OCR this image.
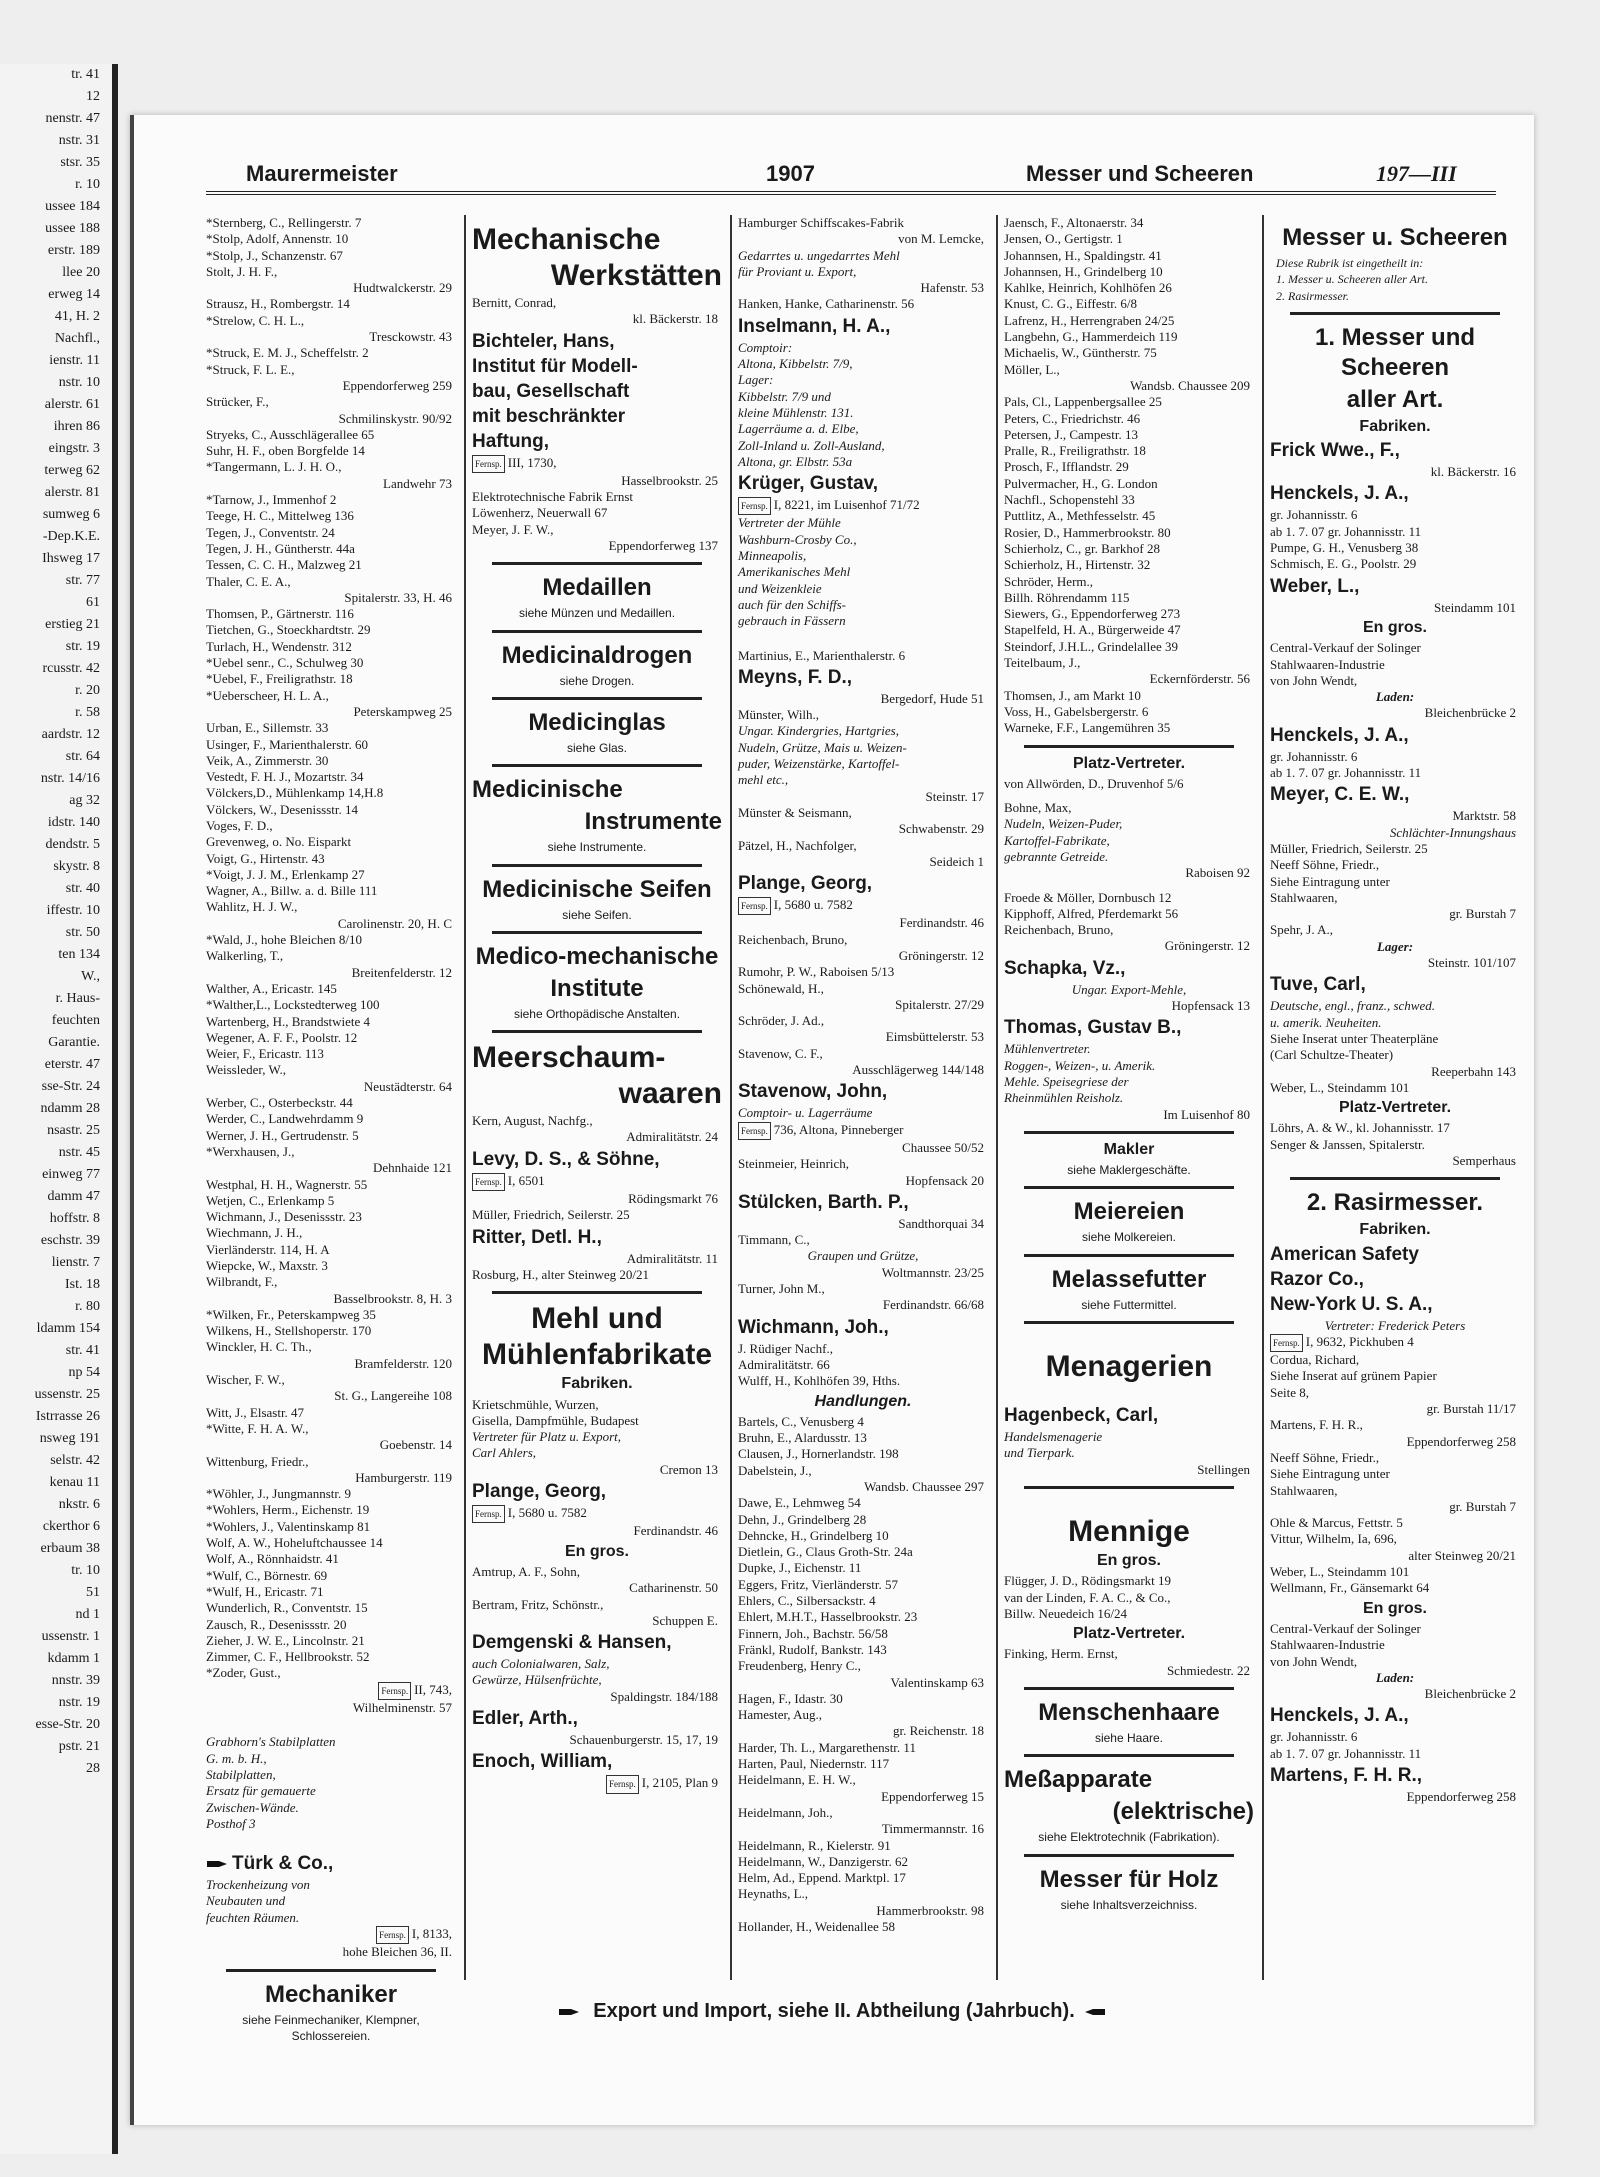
tr. 41
12
nenstr. 47
nstr. 31
stsr. 35
r. 10
ussee 184
ussee 188
erstr. 189
llee 20
erweg 14
41, H. 2
Nachfl.,
ienstr. 11
nstr. 10
alerstr. 61
ihren 86
eingstr. 3
terweg 62
alerstr. 81
sumweg 6
-Dep.K.E.
Ihsweg 17
str. 77
61
erstieg 21
str. 19
rcusstr. 42
r. 20
r. 58
aardstr. 12
str. 64
nstr. 14/16
ag 32
idstr. 140
dendstr. 5
skystr. 8
str. 40
iffestr. 10
str. 50
ten 134
W.,
r. Haus-
feuchten
Garantie.
eterstr. 47
sse-Str. 24
ndamm 28
nsastr. 25
nstr. 45
einweg 77
damm 47
hoffstr. 8
eschstr. 39
lienstr. 7
Ist. 18
r. 80
ldamm 154
str. 41
np 54
ussenstr. 25
Istrrasse 26
nsweg 191
selstr. 42
kenau 11
nkstr. 6
ckerthor 6
erbaum 38
tr. 10
51
nd 1
ussenstr. 1
kdamm 1
nnstr. 39
nstr. 19
esse-Str. 20
pstr. 21
28
Maurermeister	1907	Messer und Scheeren	197—III
*Sternberg, C., Rellingerstr. 7
*Stolp, Adolf, Annenstr. 10
*Stolp, J., Schanzenstr. 67
Stolt, J. H. F.,
Hudtwalckerstr. 29
Strausz, H., Rombergstr. 14
*Strelow, C. H. L.,
Tresckowstr. 43
*Struck, E. M. J., Scheffelstr. 2
*Struck, F. L. E.,
Eppendorferweg 259
Strücker, F.,
Schmilinskystr. 90/92
Stryeks, C., Ausschlägerallee 65
Suhr, H. F., oben Borgfelde 14
*Tangermann, L. J. H. O.,
Landwehr 73
*Tarnow, J., Immenhof 2
Teege, H. C., Mittelweg 136
Tegen, J., Conventstr. 24
Tegen, J. H., Güntherstr. 44a
Tessen, C. C. H., Malzweg 21
Thaler, C. E. A.,
Spitalerstr. 33, H. 46
Thomsen, P., Gärtnerstr. 116
Tietchen, G., Stoeckhardtstr. 29
Turlach, H., Wendenstr. 312
*Uebel senr., C., Schulweg 30
*Uebel, F., Freiligrathstr. 18
*Ueberscheer, H. L. A.,
Peterskampweg 25
Urban, E., Sillemstr. 33
Usinger, F., Marienthalerstr. 60
Veik, A., Zimmerstr. 30
Vestedt, F. H. J., Mozartstr. 34
Völckers,D., Mühlenkamp 14,H.8
Völckers, W., Desenissstr. 14
Voges, F. D.,
Grevenweg, o. No. Eisparkt
Voigt, G., Hirtenstr. 43
*Voigt, J. J. M., Erlenkamp 27
Wagner, A., Billw. a. d. Bille 111
Wahlitz, H. J. W.,
Carolinenstr. 20, H. C
*Wald, J., hohe Bleichen 8/10
Walkerling, T.,
Breitenfelderstr. 12
Walther, A., Ericastr. 145
*Walther,L., Lockstedterweg 100
Wartenberg, H., Brandstwiete 4
Wegener, A. F. F., Poolstr. 12
Weier, F., Ericastr. 113
Weissleder, W.,
Neustädterstr. 64
Werber, C., Osterbeckstr. 44
Werder, C., Landwehrdamm 9
Werner, J. H., Gertrudenstr. 5
*Werxhausen, J.,
Dehnhaide 121
Westphal, H. H., Wagnerstr. 55
Wetjen, C., Erlenkamp 5
Wichmann, J., Desenissstr. 23
Wiechmann, J. H.,
Vierländerstr. 114, H. A
Wiepcke, W., Maxstr. 3
Wilbrandt, F.,
Basselbrookstr. 8, H. 3
*Wilken, Fr., Peterskampweg 35
Wilkens, H., Stellshoperstr. 170
Winckler, H. C. Th.,
Bramfelderstr. 120
Wischer, F. W.,
St. G., Langereihe 108
Witt, J., Elsastr. 47
*Witte, F. H. A. W.,
Goebenstr. 14
Wittenburg, Friedr.,
Hamburgerstr. 119
*Wöhler, J., Jungmannstr. 9
*Wohlers, Herm., Eichenstr. 19
*Wohlers, J., Valentinskamp 81
Wolf, A. W., Hoheluftchaussee 14
Wolf, A., Rönnhaidstr. 41
*Wulf, C., Börnestr. 69
*Wulf, H., Ericastr. 71
Wunderlich, R., Conventstr. 15
Zausch, R., Desenissstr. 20
Zieher, J. W. E., Lincolnstr. 21
Zimmer, C. F., Hellbrookstr. 52
*Zoder, Gust.,
Fernsp. II, 743,
Wilhelminenstr. 57
Grabhorn's Stabilplatten
G. m. b. H.,
Stabilplatten,
Ersatz für gemauerte
Zwischen-Wände.
Posthof 3
Türk & Co.,
Trockenheizung von
Neubauten und
feuchten Räumen.
Fernsp. I, 8133,
hohe Bleichen 36, II.
Mechaniker
siehe Feinmechaniker, Klempner, Schlossereien.
Mechanische
Werkstätten
Bernitt, Conrad,
kl. Bäckerstr. 18
Bichteler, Hans,
Institut für Modell-
bau, Gesellschaft
mit beschränkter
Haftung,
Fernsp. III, 1730,
Hasselbrookstr. 25
Elektrotechnische Fabrik Ernst
Löwenherz, Neuerwall 67
Meyer, J. F. W.,
Eppendorferweg 137
Medaillen
siehe Münzen und Medaillen.
Medicinaldrogen
siehe Drogen.
Medicinglas
siehe Glas.
Medicinische
Instrumente
siehe Instrumente.
Medicinische Seifen
siehe Seifen.
Medico-mechanische
Institute
siehe Orthopädische Anstalten.
Meerschaum-
waaren
Kern, August, Nachfg.,
Admiralitätstr. 24
Levy, D. S., & Söhne,
Fernsp. I, 6501
Rödingsmarkt 76
Müller, Friedrich, Seilerstr. 25
Ritter, Detl. H.,
Admiralitätstr. 11
Rosburg, H., alter Steinweg 20/21
Mehl und
Mühlenfabrikate
Fabriken.
Krietschmühle, Wurzen,
Gisella, Dampfmühle, Budapest
Vertreter für Platz u. Export,
Carl Ahlers,
Cremon 13
Plange, Georg,
Fernsp. I, 5680 u. 7582
Ferdinandstr. 46
En gros.
Amtrup, A. F., Sohn,
Catharinenstr. 50
Bertram, Fritz, Schönstr.,
Schuppen E.
Demgenski & Hansen,
auch Colonialwaren, Salz,
Gewürze, Hülsenfrüchte,
Spaldingstr. 184/188
Edler, Arth.,
Schauenburgerstr. 15, 17, 19
Enoch, William,
Fernsp. I, 2105, Plan 9
Hamburger Schiffscakes-Fabrik
von M. Lemcke,
Gedarrtes u. ungedarrtes Mehl
für Proviant u. Export,
Hafenstr. 53
Hanken, Hanke, Catharinenstr. 56
Inselmann, H. A.,
Comptoir:
Altona, Kibbelstr. 7/9,
Lager:
Kibbelstr. 7/9 und
kleine Mühlenstr. 131.
Lagerräume a. d. Elbe,
Zoll-Inland u. Zoll-Ausland,
Altona, gr. Elbstr. 53a
Krüger, Gustav,
Fernsp. I, 8221, im Luisenhof 71/72
Vertreter der Mühle
Washburn-Crosby Co.,
Minneapolis,
Amerikanisches Mehl
und Weizenkleie
auch für den Schiffs-
gebrauch in Fässern
Martinius, E., Marienthalerstr. 6
Meyns, F. D.,
Bergedorf, Hude 51
Münster, Wilh.,
Ungar. Kindergries, Hartgries,
Nudeln, Grütze, Mais u. Weizen-
puder, Weizenstärke, Kartoffel-
mehl etc.,
Steinstr. 17
Münster & Seismann,
Schwabenstr. 29
Pätzel, H., Nachfolger,
Seideich 1
Plange, Georg,
Fernsp. I, 5680 u. 7582
Ferdinandstr. 46
Reichenbach, Bruno,
Gröningerstr. 12
Rumohr, P. W., Raboisen 5/13
Schönewald, H.,
Spitalerstr. 27/29
Schröder, J. Ad.,
Eimsbüttelerstr. 53
Stavenow, C. F.,
Ausschlägerweg 144/148
Stavenow, John,
Comptoir- u. Lagerräume
Fernsp. 736, Altona, Pinneberger
Chaussee 50/52
Steinmeier, Heinrich,
Hopfensack 20
Stülcken, Barth. P.,
Sandthorquai 34
Timmann, C.,
Graupen und Grütze,
Woltmannstr. 23/25
Turner, John M.,
Ferdinandstr. 66/68
Wichmann, Joh.,
J. Rüdiger Nachf.,
Admiralitätstr. 66
Wulff, H., Kohlhöfen 39, Hths.
Handlungen.
Bartels, C., Venusberg 4
Bruhn, E., Alardusstr. 13
Clausen, J., Hornerlandstr. 198
Dabelstein, J.,
Wandsb. Chaussee 297
Dawe, E., Lehmweg 54
Dehn, J., Grindelberg 28
Dehncke, H., Grindelberg 10
Dietlein, G., Claus Groth-Str. 24a
Dupke, J., Eichenstr. 11
Eggers, Fritz, Vierländerstr. 57
Ehlers, C., Silbersackstr. 4
Ehlert, M.H.T., Hasselbrookstr. 23
Finnern, Joh., Bachstr. 56/58
Fränkl, Rudolf, Bankstr. 143
Freudenberg, Henry C.,
Valentinskamp 63
Hagen, F., Idastr. 30
Hamester, Aug.,
gr. Reichenstr. 18
Harder, Th. L., Margarethenstr. 11
Harten, Paul, Niedernstr. 117
Heidelmann, E. H. W.,
Eppendorferweg 15
Heidelmann, Joh.,
Timmermannstr. 16
Heidelmann, R., Kielerstr. 91
Heidelmann, W., Danzigerstr. 62
Helm, Ad., Eppend. Marktpl. 17
Heynaths, L.,
Hammerbrookstr. 98
Hollander, H., Weidenallee 58
Jaensch, F., Altonaerstr. 34
Jensen, O., Gertigstr. 1
Johannsen, H., Spaldingstr. 41
Johannsen, H., Grindelberg 10
Kahlke, Heinrich, Kohlhöfen 26
Knust, C. G., Eiffestr. 6/8
Lafrenz, H., Herrengraben 24/25
Langbehn, G., Hammerdeich 119
Michaelis, W., Güntherstr. 75
Möller, L.,
Wandsb. Chaussee 209
Pals, Cl., Lappenbergsallee 25
Peters, C., Friedrichstr. 46
Petersen, J., Campestr. 13
Pralle, R., Freiligrathstr. 18
Prosch, F., Ifflandstr. 29
Pulvermacher, H., G. London
Nachfl., Schopenstehl 33
Puttlitz, A., Methfesselstr. 45
Rosier, D., Hammerbrookstr. 80
Schierholz, C., gr. Barkhof 28
Schierholz, H., Hirtenstr. 32
Schröder, Herm.,
Billh. Röhrendamm 115
Siewers, G., Eppendorferweg 273
Stapelfeld, H. A., Bürgerweide 47
Steindorf, J.H.L., Grindelallee 39
Teitelbaum, J.,
Eckernförderstr. 56
Thomsen, J., am Markt 10
Voss, H., Gabelsbergerstr. 6
Warneke, F.F., Langemühren 35
Platz-Vertreter.
von Allwörden, D., Druvenhof 5/6
Bohne, Max,
Nudeln, Weizen-Puder,
Kartoffel-Fabrikate,
gebrannte Getreide.
Raboisen 92
Froede & Möller, Dornbusch 12
Kipphoff, Alfred, Pferdemarkt 56
Reichenbach, Bruno,
Gröningerstr. 12
Schapka, Vz.,
Ungar. Export-Mehle,
Hopfensack 13
Thomas, Gustav B.,
Mühlenvertreter.
Roggen-, Weizen-, u. Amerik.
Mehle. Speisegriese der
Rheinmühlen Reisholz.
Im Luisenhof 80
Makler
siehe Maklergeschäfte.
Meiereien
siehe Molkereien.
Melassefutter
siehe Futtermittel.
Menagerien
Hagenbeck, Carl,
Handelsmenagerie
und Tierpark.
Stellingen
Mennige
En gros.
Flügger, J. D., Rödingsmarkt 19
van der Linden, F. A. C., & Co.,
Billw. Neuedeich 16/24
Platz-Vertreter.
Finking, Herm. Ernst,
Schmiedestr. 22
Menschenhaare
siehe Haare.
Meßapparate
(elektrische)
siehe Elektrotechnik (Fabrikation).
Messer für Holz
siehe Inhaltsverzeichniss.
Messer u. Scheeren
Diese Rubrik ist eingetheilt in:
1. Messer u. Scheeren aller Art.
2. Rasirmesser.
1. Messer und Scheeren
aller Art.
Fabriken.
Frick Wwe., F.,
kl. Bäckerstr. 16
Henckels, J. A.,
gr. Johannisstr. 6
ab 1. 7. 07 gr. Johannisstr. 11
Pumpe, G. H., Venusberg 38
Schmisch, E. G., Poolstr. 29
Weber, L.,
Steindamm 101
En gros.
Central-Verkauf der Solinger
Stahlwaaren-Industrie
von John Wendt,
Laden:
Bleichenbrücke 2
Henckels, J. A.,
gr. Johannisstr. 6
ab 1. 7. 07 gr. Johannisstr. 11
Meyer, C. E. W.,
Marktstr. 58
Schlächter-Innungshaus
Müller, Friedrich, Seilerstr. 25
Neeff Söhne, Friedr.,
Siehe Eintragung unter
Stahlwaaren,
gr. Burstah 7
Spehr, J. A.,
Lager:
Steinstr. 101/107
Tuve, Carl,
Deutsche, engl., franz., schwed.
u. amerik. Neuheiten.
Siehe Inserat unter Theaterpläne
(Carl Schultze-Theater)
Reeperbahn 143
Weber, L., Steindamm 101
Platz-Vertreter.
Löhrs, A. & W., kl. Johannisstr. 17
Senger & Janssen, Spitalerstr.
Semperhaus
2. Rasirmesser.
Fabriken.
American Safety
Razor Co.,
New-York U. S. A.,
Vertreter: Frederick Peters
Fernsp. I, 9632, Pickhuben 4
Cordua, Richard,
Siehe Inserat auf grünem Papier
Seite 8,
gr. Burstah 11/17
Martens, F. H. R.,
Eppendorferweg 258
Neeff Söhne, Friedr.,
Siehe Eintragung unter
Stahlwaaren,
gr. Burstah 7
Ohle & Marcus, Fettstr. 5
Vittur, Wilhelm, Ia, 696,
alter Steinweg 20/21
Weber, L., Steindamm 101
Wellmann, Fr., Gänsemarkt 64
En gros.
Central-Verkauf der Solinger
Stahlwaaren-Industrie
von John Wendt,
Laden:
Bleichenbrücke 2
Henckels, J. A.,
gr. Johannisstr. 6
ab 1. 7. 07 gr. Johannisstr. 11
Martens, F. H. R.,
Eppendorferweg 258
Export und Import, siehe II. Abtheilung (Jahrbuch).
